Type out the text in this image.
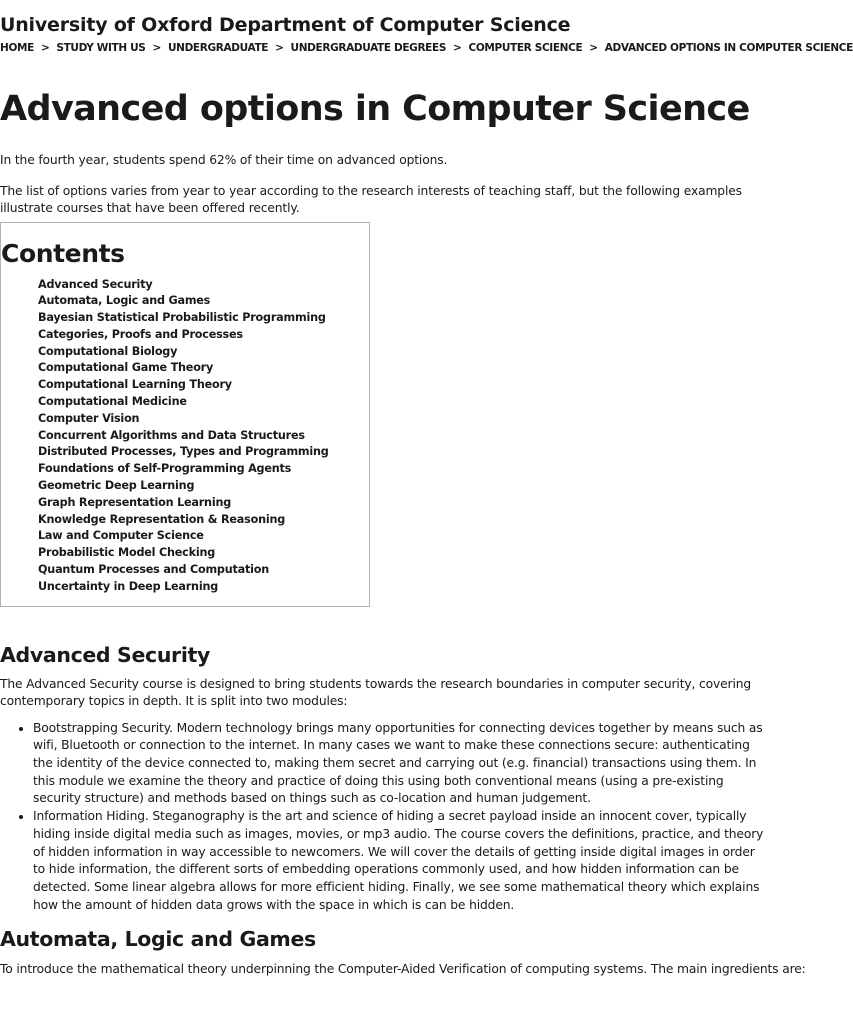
University of Oxford Department of Computer Science
HOME > STUDY WITH US > UNDERGRADUATE > UNDERGRADUATE DEGREES > COMPUTER SCIENCE > ADVANCED OPTIONS IN COMPUTER SCIENCE
Advanced options in Computer Science

In the fourth year, students spend 62% of their time on advanced options.

The list of options varies from year to year according to the research interests of teaching staff, but the following examples illustrate courses that have been offered recently.

Contents
Advanced Security
Automata, Logic and Games
Bayesian Statistical Probabilistic Programming
Categories, Proofs and Processes
Computational Biology
Computational Game Theory
Computational Learning Theory
Computational Medicine
Computer Vision
Concurrent Algorithms and Data Structures
Distributed Processes, Types and Programming
Foundations of Self-Programming Agents
Geometric Deep Learning
Graph Representation Learning
Knowledge Representation & Reasoning
Law and Computer Science
Probabilistic Model Checking
Quantum Processes and Computation
Uncertainty in Deep Learning
Advanced Security

The Advanced Security course is designed to bring students towards the research boundaries in computer security, covering contemporary topics in depth. It is split into two modules:

• Bootstrapping Security. Modern technology brings many opportunities for connecting devices together by means such as wifi, Bluetooth or connection to the internet. In many cases we want to make these connections secure: authenticating the identity of the device connected to, making them secret and carrying out (e.g. financial) transactions using them. In this module we examine the theory and practice of doing this using both conventional means (using a pre-existing security structure) and methods based on things such as co-location and human judgement.
• Information Hiding. Steganography is the art and science of hiding a secret payload inside an innocent cover, typically hiding inside digital media such as images, movies, or mp3 audio. The course covers the definitions, practice, and theory of hidden information in way accessible to newcomers. We will cover the details of getting inside digital images in order to hide information, the different sorts of embedding operations commonly used, and how hidden information can be detected. Some linear algebra allows for more efficient hiding. Finally, we see some mathematical theory which explains how the amount of hidden data grows with the space in which is can be hidden.
Automata, Logic and Games

To introduce the mathematical theory underpinning the Computer-Aided Verification of computing systems. The main ingredients are:
